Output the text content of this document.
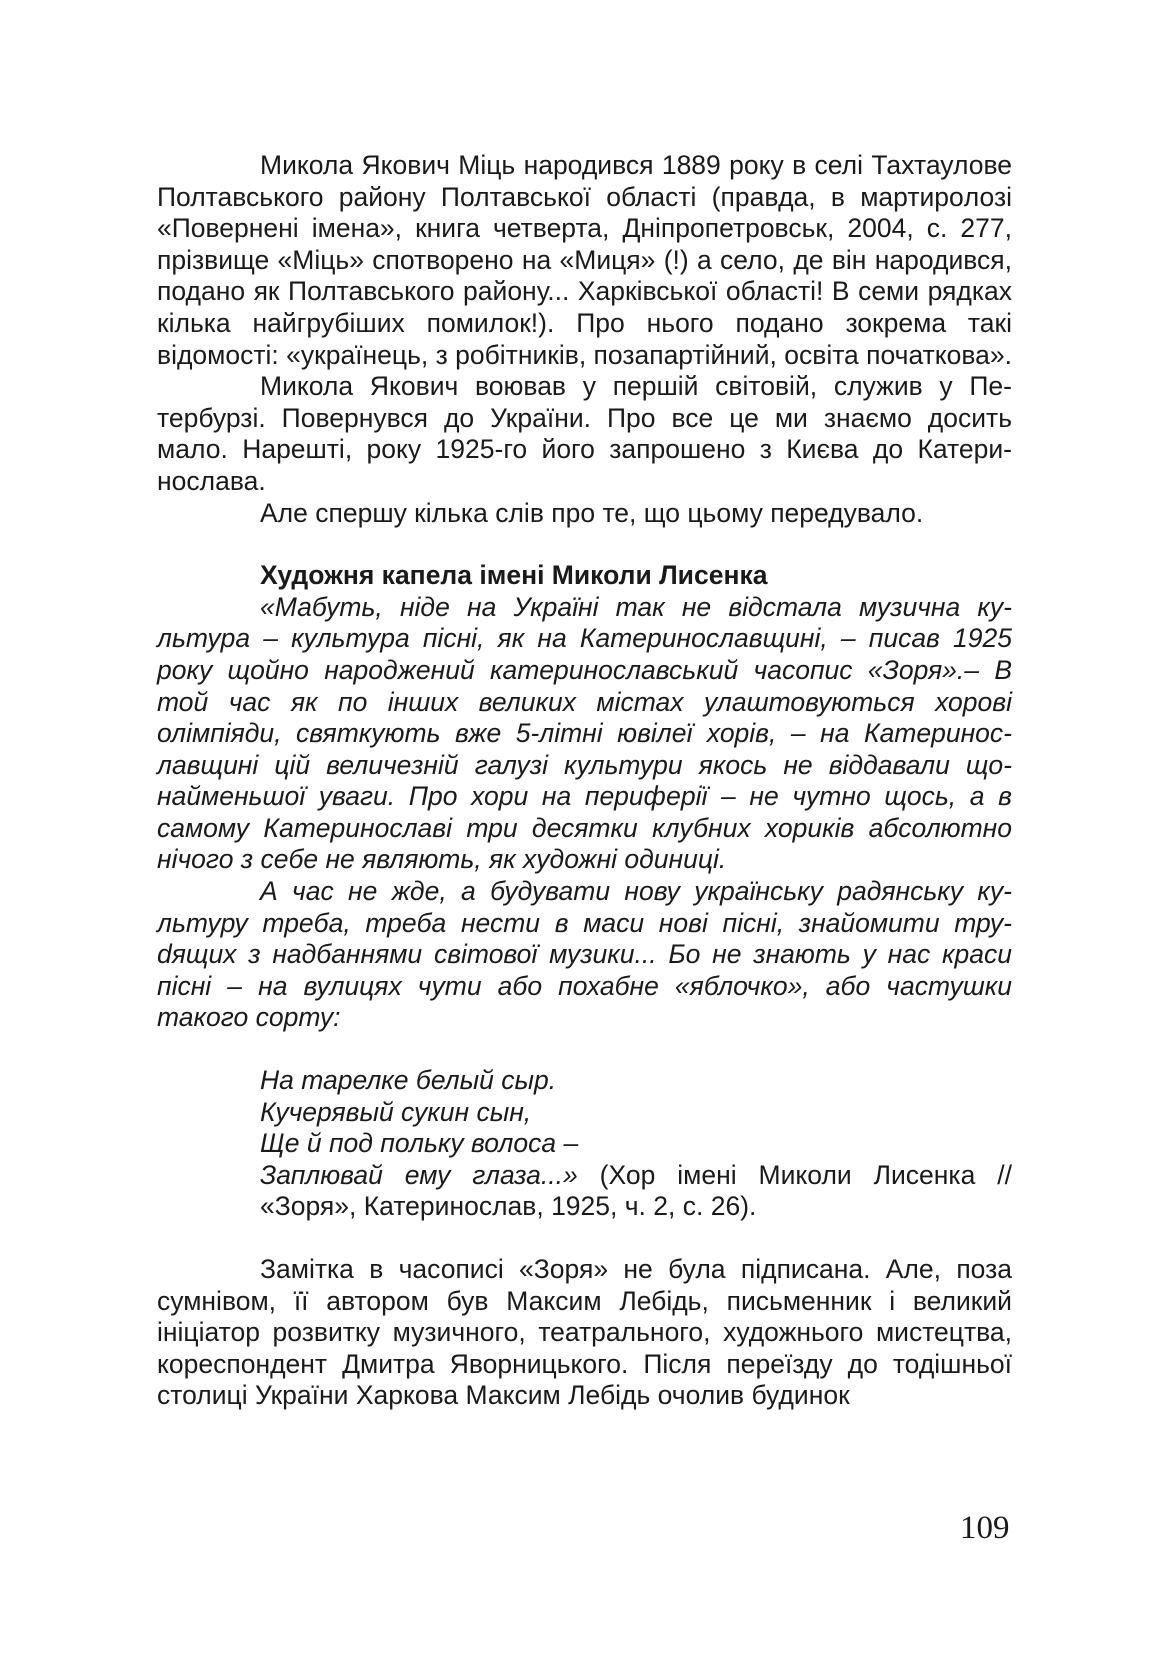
Микола Якович Міць народився 1889 року в селі Тахтаулове Полтавського району Полтавської області (правда, в мартирoлозі «Повернені імена», книга четверта, Дніпропетровськ, 2004, с. 277, прізвище «Міць» спотворено на «Миця» (!) а село, де він народився, подано як Полтавського району... Харківської області! В семи рядках кілька найгрубіших помилок!). Про нього подано зокрема такі відомості: «українець, з робітників, позапартійний, освіта початкова».

Микола Якович воював у першій світовій, служив у Петербурзі. Повернувся до України. Про все це ми знаємо досить мало. Нарешті, року 1925-го його запрошено з Києва до Катеринослава.

Але спершу кілька слів про те, що цьому передувало.

Художня капела імені Миколи Лисенка

«Мабуть, ніде на Україні так не відстала музична культура – культура пісні, як на Катеринославщині, – писав 1925 року щойно народжений катеринославський часопис «Зоря».– В той час як по інших великих містах улаштовуються хорові олімпіяди, святкують вже 5-літні ювілеї хорів, – на Катеринославщині цій величезній галузі культури якось не віддавали щонайменьшої уваги. Про хори на периферії – не чутно щось, а в самому Катеринославі три десятки клубних хориків абсолютно нічого з себе не являють, як художні одиниці.

А час не жде, а будувати нову українську радянську культуру треба, треба нести в маси нові пісні, знайомити труdящих з надбаннями світової музики... Бо не знають у нас краси пісні – на вулицях чути або похабне «яблочко», або частушки такого сорту:

На тарелке белый сыр.
Кучерявый сукин сын,
Ще й под польку волоса –

Заплювай ему глаза...» (Хор імені Миколи Лисенка // «Зоря», Катеринослав, 1925, ч. 2, с. 26).

Замітка в часописі «Зоря» не була підписана. Але, поза сумнівом, її автором був Максим Лебідь, письменник і великий ініціатор розвитку музичного, театрального, художнього мистецтва, кореспондент Дмитра Яворницького. Після переїзду до тодішньої столиці України Харкова Максим Лебідь очолив будинок

109
